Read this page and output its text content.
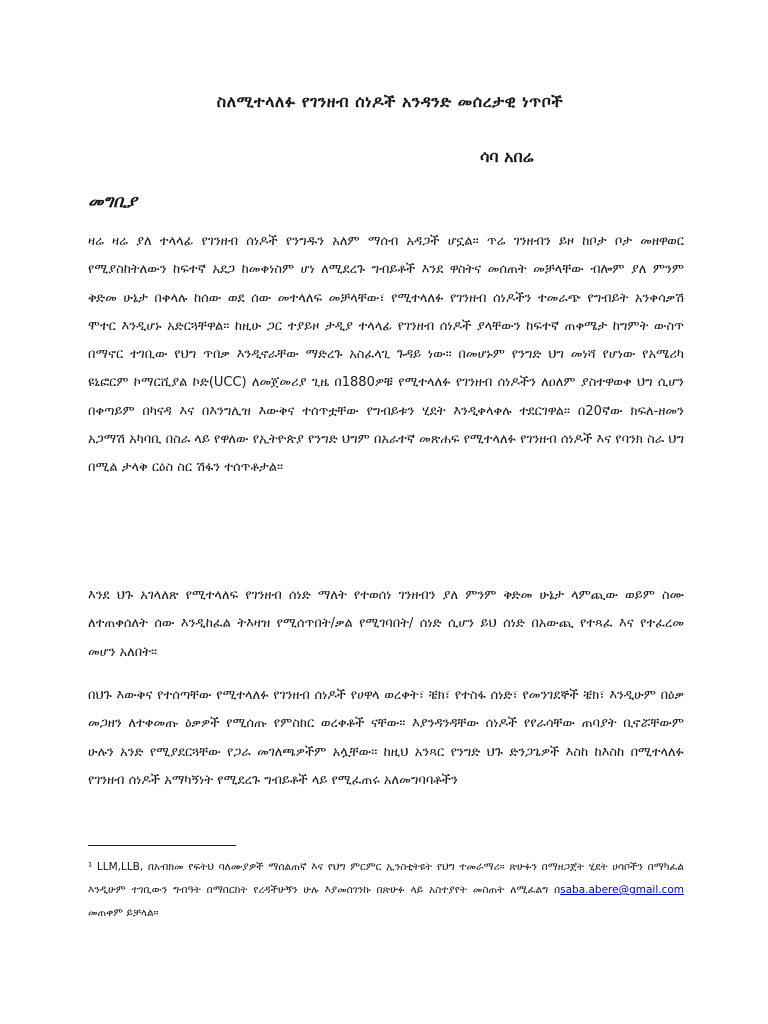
ስለሚተላለፉ የገንዘብ ሰነዶች አንዳንድ መሰረታዊ ነጥቦች
ሳባ አበሬ
መግቢያ
ዛሬ ዛሬ ያለ ተላላፊ የገንዘብ ሰነዶች የንግዱን አለም ማሰብ አዳጋች ሆኗል። ጥሬ ገንዘብን ይዞ ከቦታ ቦታ መዘዋወር የሚያስከትለውን ከፍተኛ አደጋ ከመቀነስም ሆነ ለሚደረጉ ግብይቶች እንደ ዋስትና መሰጠት መቻላቸው ብሎም ያለ ምንም ቅድመ ሁኔታ በቀላሉ ከሰው ወደ ሰው መተላለፍ መቻላቸው፣ የሚተላለፉ የገንዘብ ሰነዶችን ተመራጭ የግብይት አንቀሳቃሽ ሞተር እንዲሆኑ አድርጓቸዋል። ከዚሁ ጋር ተያይዞ ታዲያ ተላላፊ የገንዘብ ሰነዶች ያላቸውን ከፍተኛ ጠቀሜታ ከግምት ውስጥ በማኖር ተገቢው የህግ ጥበቃ እንዲኖራቸው ማድረጉ አስፈላጊ ጉዳይ ነው። በመሆኑም የንግድ ህግ መነሻ የሆነው የአሜሪካ ዩኒፎርም ኮማርሺያል ኮድ(UCC) ለመጀመሪያ ጊዜ በ1880ዎቹ የሚተላለፉ የገንዘብ ሰነዶችን ለዐለም ያስተዋወቀ ህግ ሲሆን በቀጣይም በካናዳ እና በእንግሊዝ እውቅና ተሰጥቷቸው የግብይቱን ሂደት እንዲቀላቀሉ ተደርገዋል። በ20ኛው ክፍለ-ዘመን አጋማሽ አካባቢ በስራ ላይ የዋለው የኢትዮጵያ የንግድ ህግም በአራተኛ መጽሐፍ የሚተላለፉ የገንዘብ ሰነዶች እና የባንክ ስራ ህግ በሚል ታላቅ ርዕስ ስር ሽፋን ተሰጥቶታል።
እንደ ህጉ አገላለጽ የሚተላለፍ የገንዘብ ሰነድ ማለት የተወሰነ ገንዘብን ያለ ምንም ቅድመ ሁኔታ ላምጪው ወይም ስሙ ለተጠቀሰለት ሰው እንዲከፈል ትእዛዝ የሚሰጥበት/ቃል የሚገባበት/ ሰነድ ሲሆን ይህ ሰነድ በአውጪ የተጻፈ እና የተፈረመ መሆን አለበት።
በህጉ እውቅና የተሰጣቸው የሚተላለፉ የገንዘብ ሰነዶች የሀዋላ ወረቀት፣ ቼክ፣ የተስፋ ሰነድ፣ የመንገደኞች ቼክ፣ እንዲሁም በዕቃ መጋዘን ለተቀመጡ ዕቃዎች የሚሰጡ የምስክር ወረቀቶች ናቸው። እያንዳንዳቸው ሰነዶች የየራሳቸው ጠባያት ቢኖሯቸውም ሁሉን አንድ የሚያደርጓቸው የጋራ መገለጫዎችም አሏቸው። ከዚህ አንጻር የንግድ ህጉ ድንጋጌዎች እስከ ከእስከ በሚተላለፉ የገንዘብ ሰነዶች አማካኝነት የሚደረጉ ግብይቶች ላይ የሚፈጠሩ አለመግባባቶችን
¹ LLM,LLB, በአብክመ የፍትህ ባለሙያዎች ማሰልጠኛ እና የህግ ምርምር ኢንስቲትዩት የህግ ተመራማሪ። ጽሁፉን በማዘጋጀት ሂደት ሀሳቦችን በማካፈል እንዲሁም ተገቢውን ግብዓት በማበርከት የረዳችሁኝን ሁሉ እያመሰገንኩ በጽሁፉ ላይ አስተያየት መስጠት ለሚፈልግ በsaba.abere@gmail.com መጠቀም ይቻላል።
